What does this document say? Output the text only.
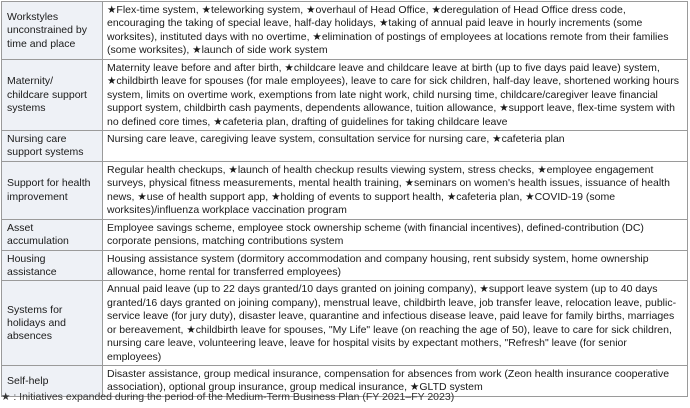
Workstyles unconstrained by time and place	★Flex-time system, ★teleworking system, ★overhaul of Head Office, ★deregulation of Head Office dress code, encouraging the taking of special leave, half-day holidays, ★taking of annual paid leave in hourly increments (some worksites), instituted days with no overtime, ★elimination of postings of employees at locations remote from their families (some worksites), ★launch of side work system
Maternity/ childcare support systems	Maternity leave before and after birth, ★childcare leave and childcare leave at birth (up to five days paid leave) system, ★childbirth leave for spouses (for male employees), leave to care for sick children, half-day leave, shortened working hours system, limits on overtime work, exemptions from late night work, child nursing time, childcare/caregiver leave financial support system, childbirth cash payments, dependents allowance, tuition allowance, ★support leave, flex-time system with no defined core times, ★cafeteria plan, drafting of guidelines for taking childcare leave
Nursing care support systems	Nursing care leave, caregiving leave system, consultation service for nursing care, ★cafeteria plan
Support for health improvement	Regular health checkups, ★launch of health checkup results viewing system, stress checks, ★employee engagement surveys, physical fitness measurements, mental health training, ★seminars on women's health issues, issuance of health news, ★use of health support app, ★holding of events to support health, ★cafeteria plan, ★COVID-19 (some worksites)/influenza workplace vaccination program
Asset accumulation	Employee savings scheme, employee stock ownership scheme (with financial incentives), defined-contribution (DC) corporate pensions, matching contributions system
Housing assistance	Housing assistance system (dormitory accommodation and company housing, rent subsidy system, home ownership allowance, home rental for transferred employees)
Systems for holidays and absences	Annual paid leave (up to 22 days granted/10 days granted on joining company), ★support leave system (up to 40 days granted/16 days granted on joining company), menstrual leave, childbirth leave, job transfer leave, relocation leave, public-service leave (for jury duty), disaster leave, quarantine and infectious disease leave, paid leave for family births, marriages or bereavement, ★childbirth leave for spouses, "My Life" leave (on reaching the age of 50), leave to care for sick children, nursing care leave, volunteering leave, leave for hospital visits by expectant mothers, "Refresh" leave (for senior employees)
Self-help	Disaster assistance, group medical insurance, compensation for absences from work (Zeon health insurance cooperative association), optional group insurance, group medical insurance, ★GLTD system
★ : Initiatives expanded during the period of the Medium-Term Business Plan (FY 2021–FY 2023)
